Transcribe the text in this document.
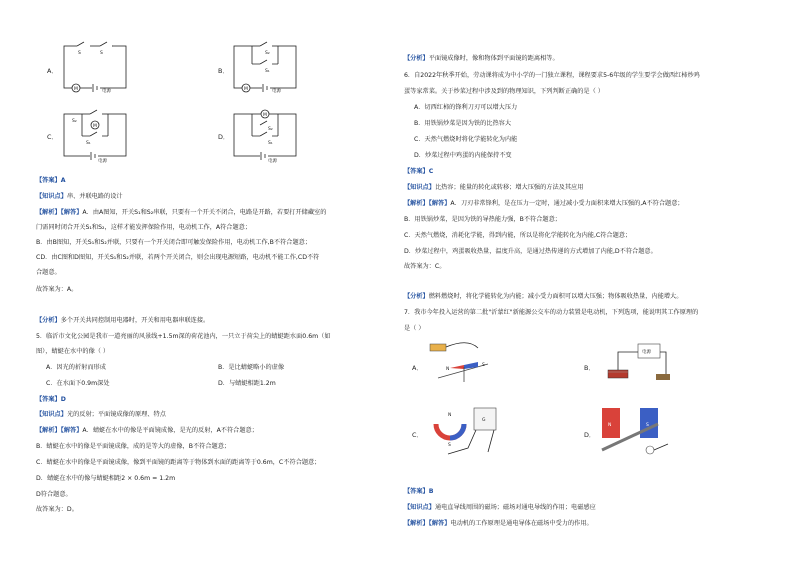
A．	B．
C．	D．
S	S
M	电源
S₂
S₁
M	电源
M
S₂
S₁
电源
M
S₂
S₁
电源
【答案】A
【知识点】串、并联电路的设计
【解析】【解答】A．由A图知，开关S₁和S₂串联，只要有一个开关不闭合，电路是开路，若要打开储藏室的
门需同时闭合开关S₁和S₂，这样才能发挥保险作用，电动机工作，A符合题意；
B．由B图知，开关S₁和S₂并联，只要有一个开关闭合即可触发保险作用，电动机工作,B不符合题意；
CD．由C图和D图知，开关S₁和S₂并联，若两个开关闭合，则会出现电源短路，电动机不能工作,CD不符
合题意。
故答案为：A。
【分析】多个开关共同控制用电器时，开关和用电器串联连接。
5．临沂市文化公园是我市一道亮丽的风景线+1.5m深的荷花池内，一只立于荷尖上的蜻蜓距水面0.6m（如
图），蜻蜓在水中的像（ ）
A．因光的折射而形成	B．是比蜻蜓略小的虚像
C．在水面下0.9m深处	D．与蜻蜓相距1.2m
【答案】D
【知识点】光的反射；平面镜成像的原理、特点
【解析】【解答】A．蜻蜓在水中的像是平面镜成像，是光的反射，A不符合题意；
B．蜻蜓在水中的像是平面镜成像，成的是等大的虚像，B不符合题意；
C．蜻蜓在水中的像是平面镜成像，像到平面镜的距离等于物体到水面的距离等于0.6m，C不符合题意；
D．蜻蜓在水中的像与蜻蜓相距2 × 0.6m = 1.2m
D符合题意。
故答案为：D。
【分析】平面镜成像时，像和物体到平面镜的距离相等。
6．自2022年秋季开始，劳动课将成为中小学的一门独立课程，课程要求5-6年级的学生要学会做西红柿炒鸡
蛋等家常菜。关于炒菜过程中涉及到的物理知识，下列判断正确的是（ ）
A．切西红柿的锋利刀刃可以增大压力
B．用铁锅炒菜是因为铁的比热容大
C．天然气燃烧时将化学能转化为内能
D．炒菜过程中鸡蛋的内能保持不变
【答案】C
【知识点】比热容；能量的转化或转移；增大压强的方法及其应用
【解析】【解答】A．刀刃非常锋利，是在压力一定时，通过减小受力面积来增大压强的,A不符合题意；
B．用铁锅炒菜，是因为铁的导热能力强，B不符合题意；
C．天然气燃烧，消耗化学能，得到内能，所以是将化学能转化为内能,C符合题意；
D．炒菜过程中，鸡蛋吸收热量，温度升高，是通过热传递的方式增加了内能,D不符合题意。
故答案为：C。
【分析】燃料燃烧时，将化学能转化为内能；减小受力面积可以增大压强；物体吸收热量，内能增大。
7．我市今年投入运营的第二批"沂蒙红"新能源公交车的动力装置是电动机，下列选项，能说明其工作原理的
是（ ）
A．	B．
C．	D．
N
S
电源
N
S
G
N	S
【答案】B
【知识点】通电直导线周围的磁场；磁场对通电导线的作用；电磁感应
【解析】【解答】电动机的工作原理是通电导体在磁场中受力的作用。
